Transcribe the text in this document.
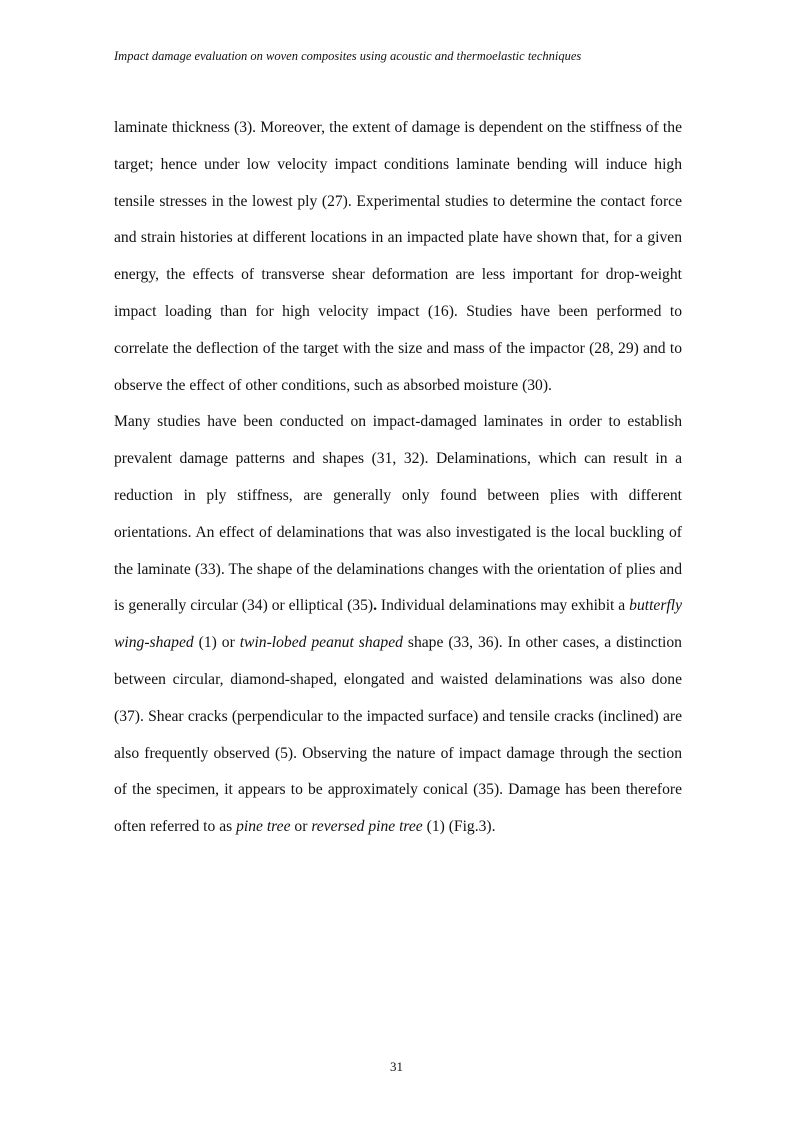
Impact damage evaluation on woven composites using acoustic and thermoelastic techniques

laminate thickness (3). Moreover, the extent of damage is dependent on the stiffness of the target; hence under low velocity impact conditions laminate bending will induce high tensile stresses in the lowest ply (27). Experimental studies to determine the contact force and strain histories at different locations in an impacted plate have shown that, for a given energy, the effects of transverse shear deformation are less important for drop-weight impact loading than for high velocity impact (16). Studies have been performed to correlate the deflection of the target with the size and mass of the impactor (28, 29) and to observe the effect of other conditions, such as absorbed moisture (30).

Many studies have been conducted on impact-damaged laminates in order to establish prevalent damage patterns and shapes (31, 32). Delaminations, which can result in a reduction in ply stiffness, are generally only found between plies with different orientations. An effect of delaminations that was also investigated is the local buckling of the laminate (33). The shape of the delaminations changes with the orientation of plies and is generally circular (34) or elliptical (35). Individual delaminations may exhibit a butterfly wing-shaped (1) or twin-lobed peanut shaped shape (33, 36). In other cases, a distinction between circular, diamond-shaped, elongated and waisted delaminations was also done (37). Shear cracks (perpendicular to the impacted surface) and tensile cracks (inclined) are also frequently observed (5). Observing the nature of impact damage through the section of the specimen, it appears to be approximately conical (35). Damage has been therefore often referred to as pine tree or reversed pine tree (1) (Fig.3).

31
